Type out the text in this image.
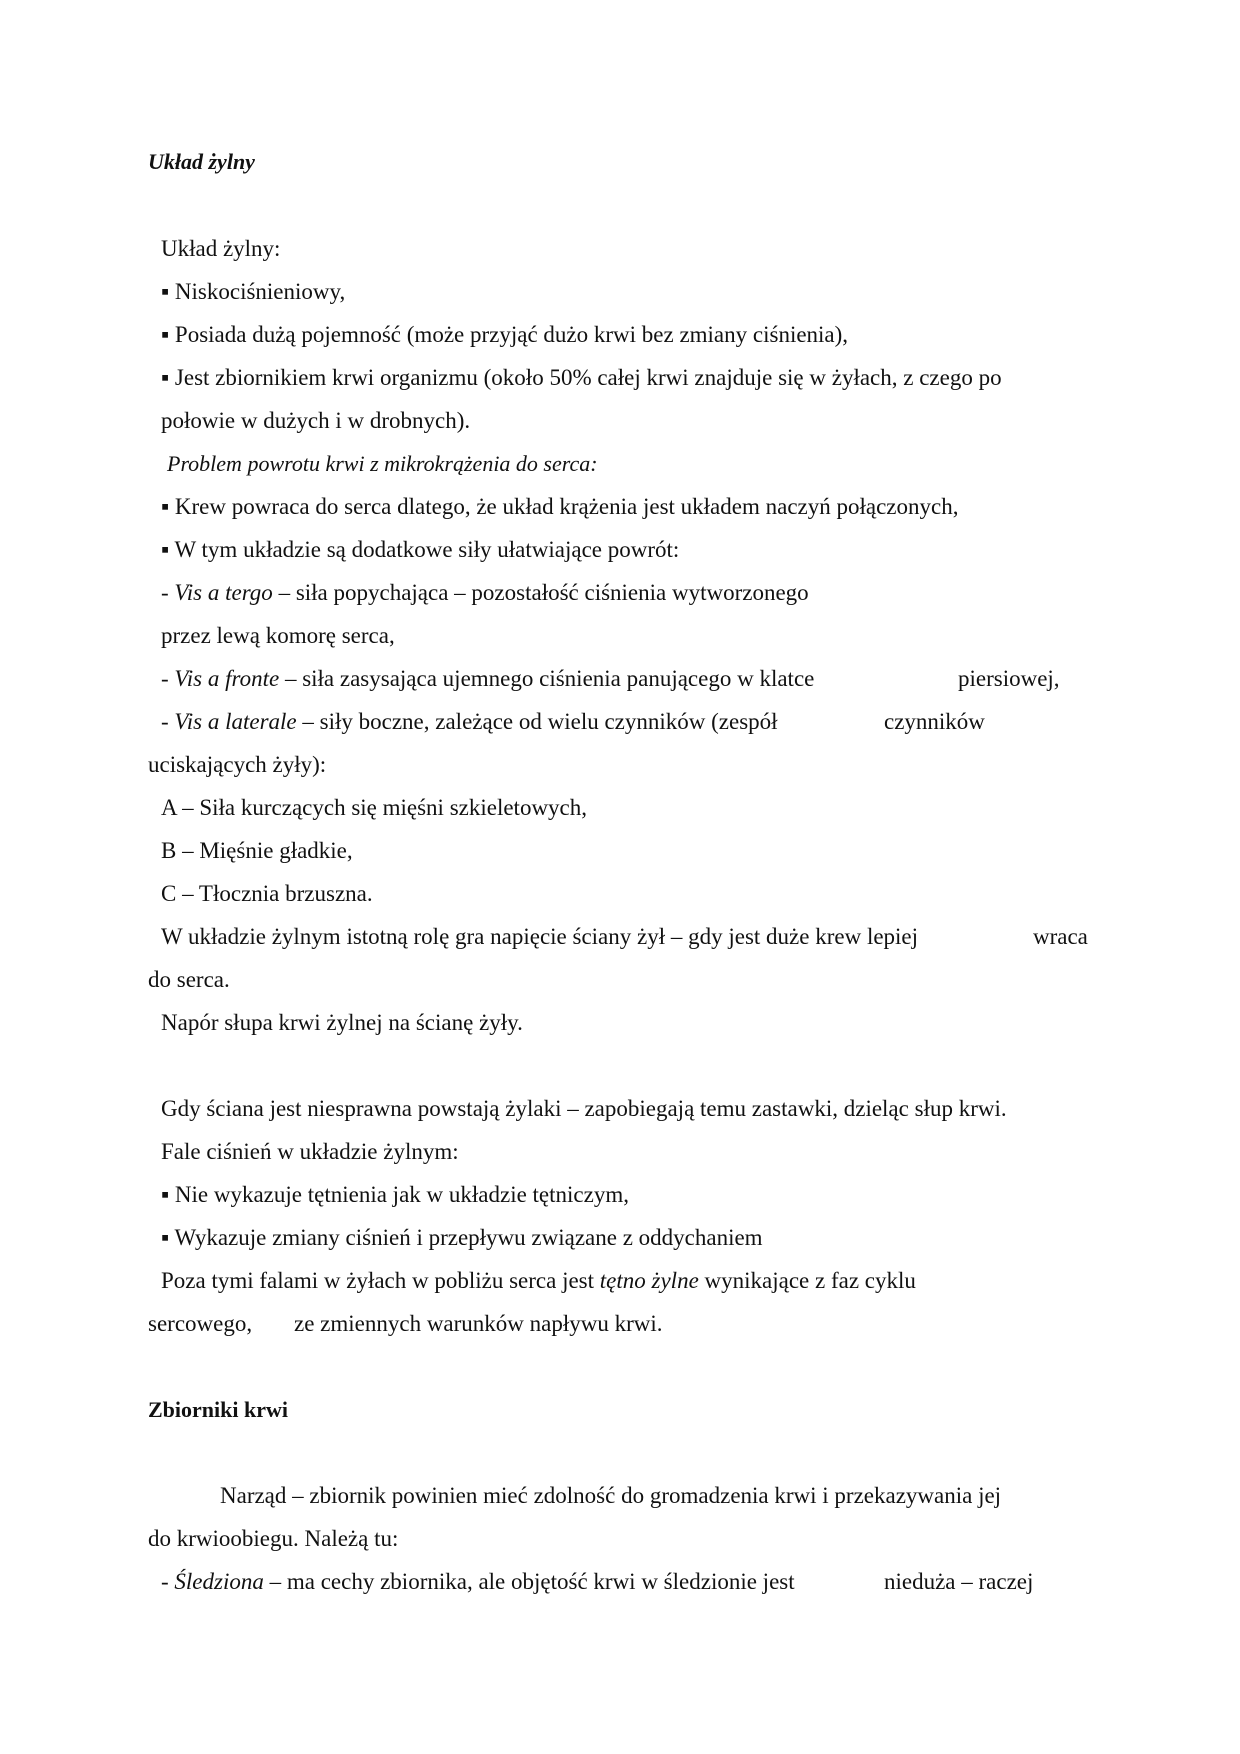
Układ żylny
Układ żylny:
▪ Niskociśnieniowy,
▪ Posiada dużą pojemność (może przyjąć dużo krwi bez zmiany ciśnienia),
▪ Jest zbiornikiem krwi organizmu (około 50% całej krwi znajduje się w żyłach, z czego po
połowie w dużych i w drobnych).
Problem powrotu krwi z mikrokrążenia do serca:
▪ Krew powraca do serca dlatego, że układ krążenia jest układem naczyń połączonych,
▪ W tym układzie są dodatkowe siły ułatwiające powrót:
- Vis a tergo – siła popychająca – pozostałość ciśnienia wytworzonego
przez lewą komorę serca,
- Vis a fronte – siła zasysająca ujemnego ciśnienia panującego w klatce	piersiowej,
- Vis a laterale – siły boczne, zależące od wielu czynników (zespół	czynników
uciskających żyły):
A – Siła kurczących się mięśni szkieletowych,
B – Mięśnie gładkie,
C – Tłocznia brzuszna.
W układzie żylnym istotną rolę gra napięcie ściany żył – gdy jest duże krew lepiej	wraca
do serca.
Napór słupa krwi żylnej na ścianę żyły.
Gdy ściana jest niesprawna powstają żylaki – zapobiegają temu zastawki, dzieląc słup krwi.
Fale ciśnień w układzie żylnym:
▪ Nie wykazuje tętnienia jak w układzie tętniczym,
▪ Wykazuje zmiany ciśnień i przepływu związane z oddychaniem
Poza tymi falami w żyłach w pobliżu serca jest tętno żylne wynikające z faz cyklu
sercowego, ze zmiennych warunków napływu krwi.
Zbiorniki krwi
Narząd – zbiornik powinien mieć zdolność do gromadzenia krwi i przekazywania jej
do krwioobiegu. Należą tu:
- Śledziona – ma cechy zbiornika, ale objętość krwi w śledzionie jest	nieduża – raczej
